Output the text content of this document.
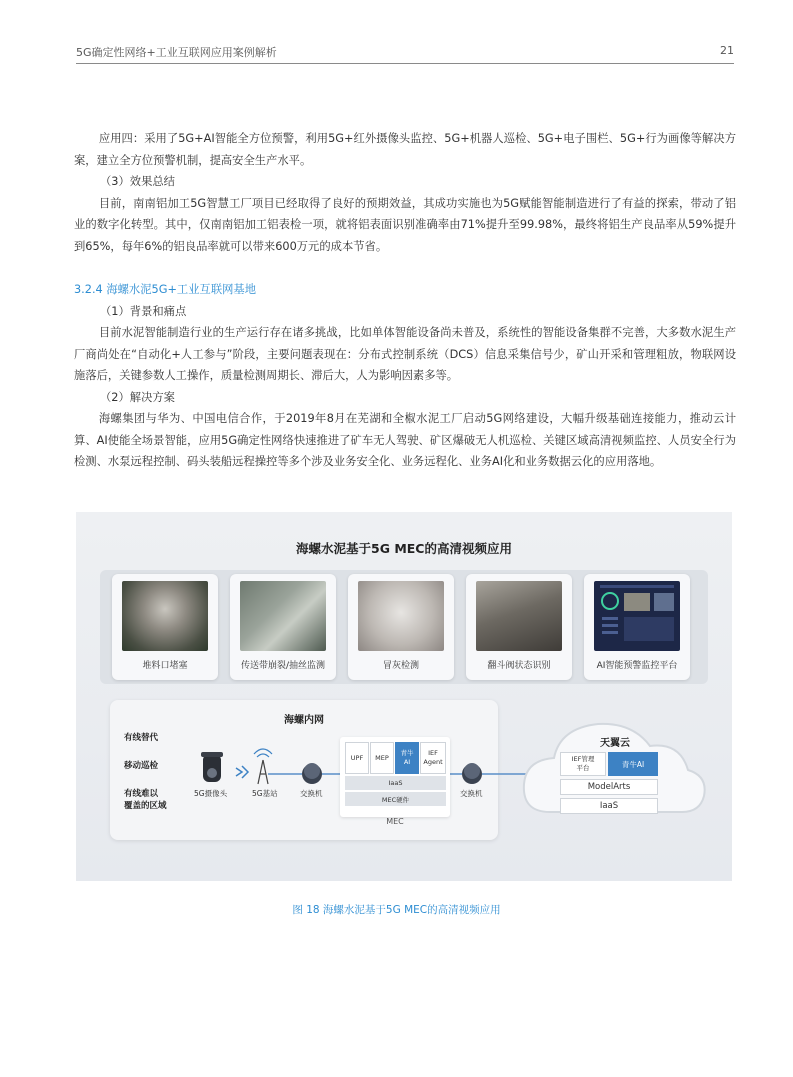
5G确定性网络+工业互联网应用案例解析	21

应用四：采用了5G+AI智能全方位预警，利用5G+红外摄像头监控、5G+机器人巡检、5G+电子围栏、5G+行为画像等解决方案，建立全方位预警机制，提高安全生产水平。

（3）效果总结

目前，南南铝加工5G智慧工厂项目已经取得了良好的预期效益，其成功实施也为5G赋能智能制造进行了有益的探索，带动了铝业的数字化转型。其中，仅南南铝加工铝表检一项，就将铝表面识别准确率由71%提升至99.98%，最终将铝生产良品率从59%提升到65%，每年6%的铝良品率就可以带来600万元的成本节省。

3.2.4 海螺水泥5G+工业互联网基地

（1）背景和痛点

目前水泥智能制造行业的生产运行存在诸多挑战，比如单体智能设备尚未普及，系统性的智能设备集群不完善，大多数水泥生产厂商尚处在“自动化+人工参与”阶段，主要问题表现在：分布式控制系统（DCS）信息采集信号少，矿山开采和管理粗放，物联网设施落后，关键参数人工操作，质量检测周期长、滞后大，人为影响因素多等。

（2）解决方案

海螺集团与华为、中国电信合作，于2019年8月在芜湖和全椒水泥工厂启动5G网络建设，大幅升级基础连接能力，推动云计算、AI使能全场景智能，应用5G确定性网络快速推进了矿车无人驾驶、矿区爆破无人机巡检、关键区域高清视频监控、人员安全行为检测、水泵远程控制、码头装船远程操控等多个涉及业务安全化、业务远程化、业务AI化和业务数据云化的应用落地。

海螺水泥基于5G MEC的高清视频应用
堆料口堵塞	传送带崩裂/抽丝监测	冒灰检测	翻斗阀状态识别	AI智能预警监控平台
海螺内网
有线替代
移动巡检
有线难以
覆盖的区域
5G摄像头	5G基站	交换机	交换机
UPF	MEP
青牛
AI
IEF
Agent
IaaS
MEC硬件
MEC
天翼云
IEF管理
平台	青牛AI
ModelArts
IaaS
图 18 海螺水泥基于5G MEC的高清视频应用
